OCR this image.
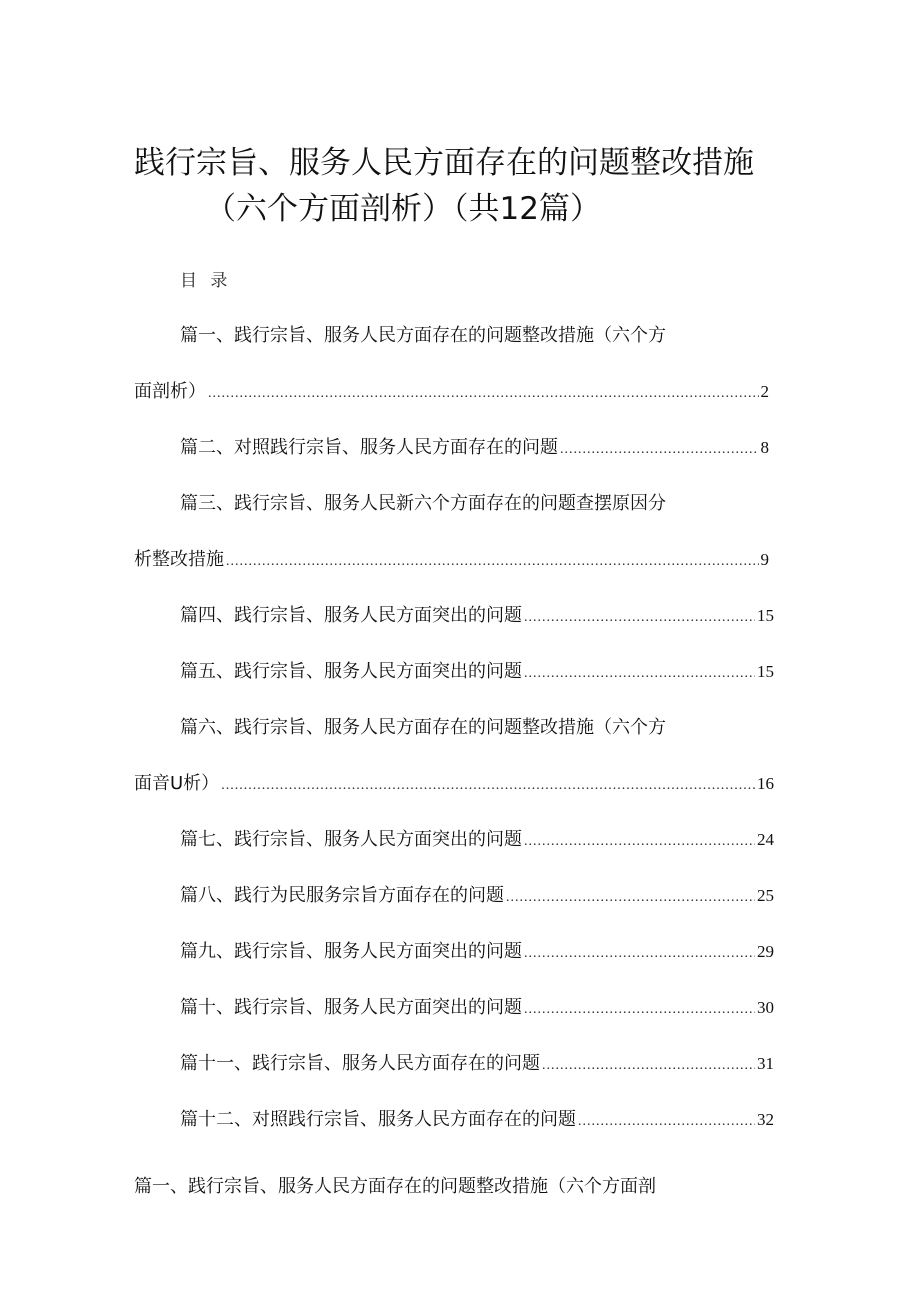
践行宗旨、服务人民方面存在的问题整改措施
（六个方面剖析）（共12篇）
目 录
篇一、践行宗旨、服务人民方面存在的问题整改措施（六个方
面剖析） .....	2
篇二、对照践行宗旨、服务人民方面存在的问题 .....	8
篇三、践行宗旨、服务人民新六个方面存在的问题查摆原因分
析整改措施 .....	9
篇四、践行宗旨、服务人民方面突出的问题 .....	15
篇五、践行宗旨、服务人民方面突出的问题 .....	15
篇六、践行宗旨、服务人民方面存在的问题整改措施（六个方
面音U析） .....	16
篇七、践行宗旨、服务人民方面突出的问题 .....	24
篇八、践行为民服务宗旨方面存在的问题 .....	25
篇九、践行宗旨、服务人民方面突出的问题 .....	29
篇十、践行宗旨、服务人民方面突出的问题 .....	30
篇十一、践行宗旨、服务人民方面存在的问题 .....	31
篇十二、对照践行宗旨、服务人民方面存在的问题 .....	32
篇一、践行宗旨、服务人民方面存在的问题整改措施（六个方面剖
